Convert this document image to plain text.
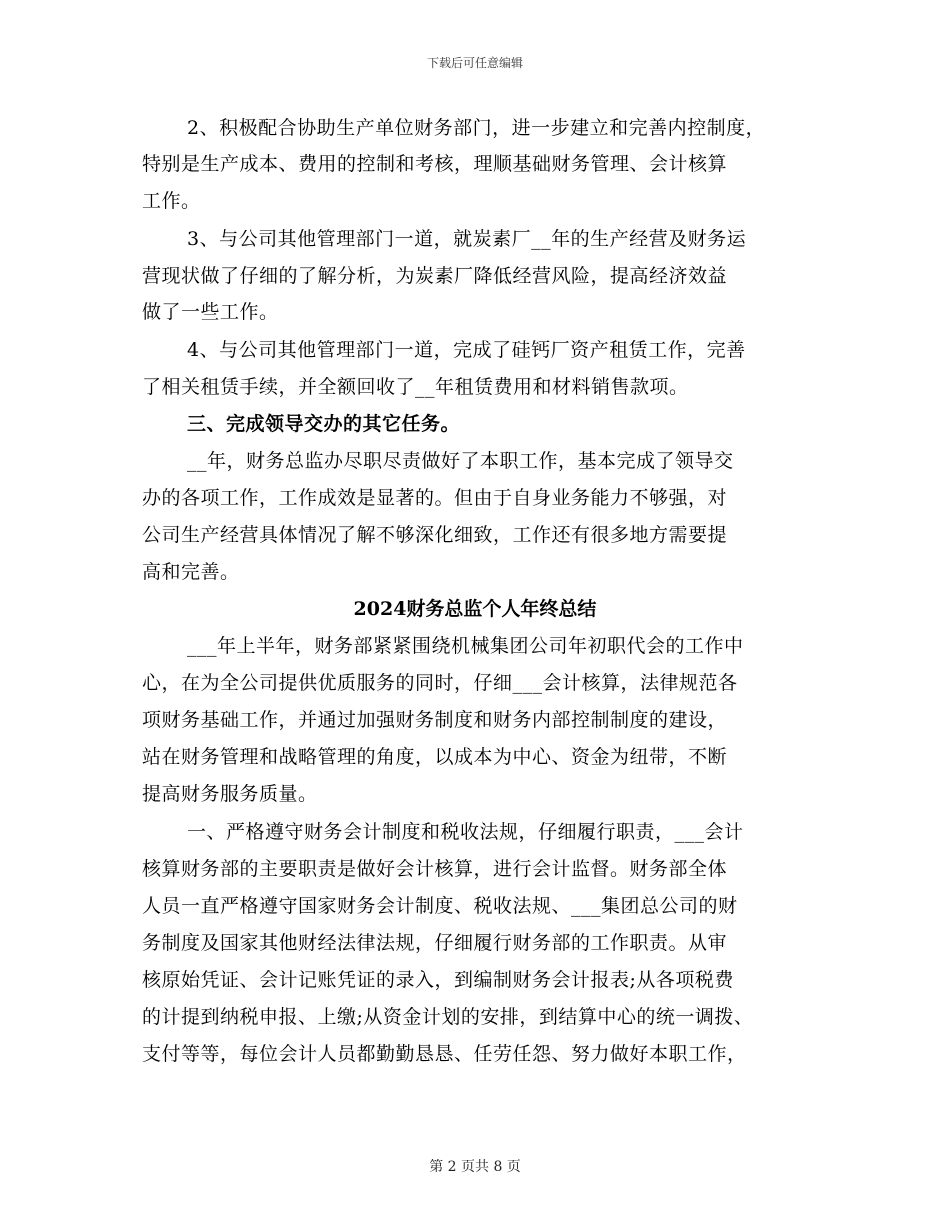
下载后可任意编辑
2、积极配合协助生产单位财务部门，进一步建立和完善内控制度，
特别是生产成本、费用的控制和考核，理顺基础财务管理、会计核算
工作。
3、与公司其他管理部门一道，就炭素厂__年的生产经营及财务运
营现状做了仔细的了解分析，为炭素厂降低经营风险，提高经济效益
做了一些工作。
4、与公司其他管理部门一道，完成了硅钙厂资产租赁工作，完善
了相关租赁手续，并全额回收了__年租赁费用和材料销售款项。
三、完成领导交办的其它任务。
__年，财务总监办尽职尽责做好了本职工作，基本完成了领导交
办的各项工作，工作成效是显著的。但由于自身业务能力不够强，对
公司生产经营具体情况了解不够深化细致，工作还有很多地方需要提
高和完善。
2024财务总监个人年终总结
___年上半年，财务部紧紧围绕机械集团公司年初职代会的工作中
心，在为全公司提供优质服务的同时，仔细___会计核算，法律规范各
项财务基础工作，并通过加强财务制度和财务内部控制制度的建设，
站在财务管理和战略管理的角度，以成本为中心、资金为纽带，不断
提高财务服务质量。
一、严格遵守财务会计制度和税收法规，仔细履行职责，___会计
核算财务部的主要职责是做好会计核算，进行会计监督。财务部全体
人员一直严格遵守国家财务会计制度、税收法规、___集团总公司的财
务制度及国家其他财经法律法规，仔细履行财务部的工作职责。从审
核原始凭证、会计记账凭证的录入，到编制财务会计报表;从各项税费
的计提到纳税申报、上缴;从资金计划的安排，到结算中心的统一调拨、
支付等等，每位会计人员都勤勤恳恳、任劳任怨、努力做好本职工作，
第 2 页共 8 页
